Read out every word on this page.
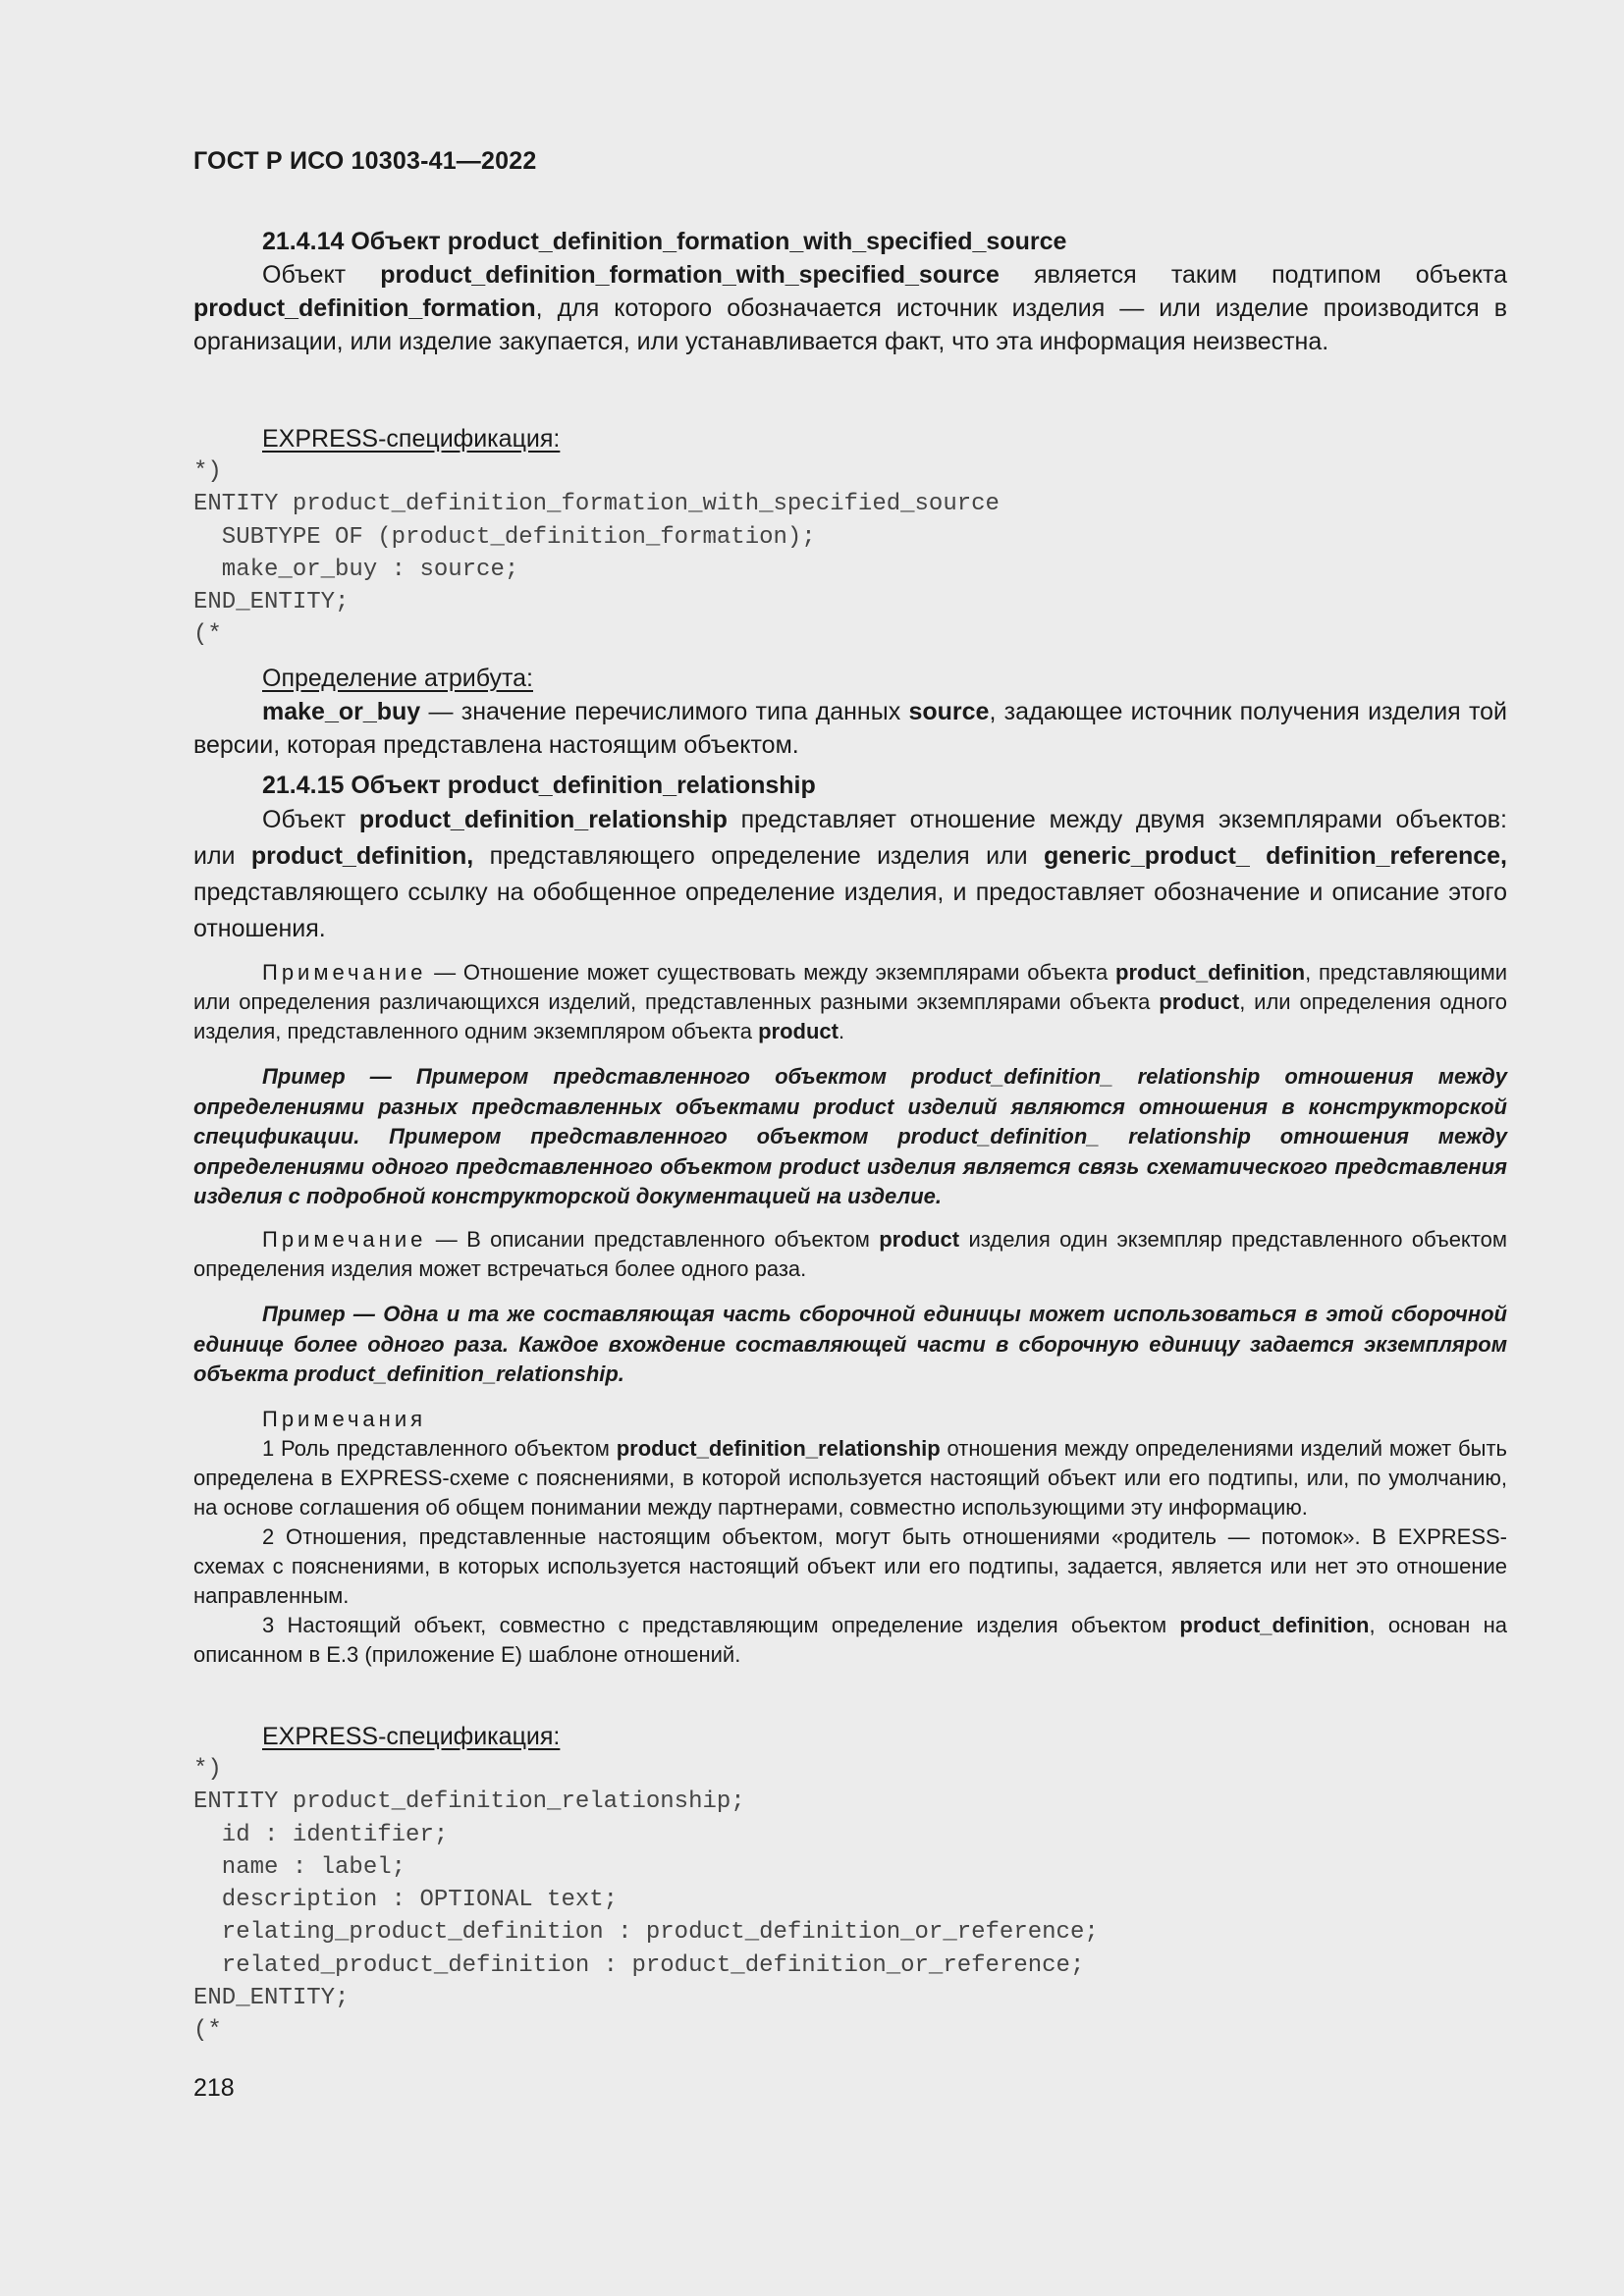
ГОСТ Р ИСО 10303-41—2022

21.4.14 Объект product_definition_formation_with_specified_source

Объект product_definition_formation_with_specified_source является таким подтипом объекта product_definition_formation, для которого обозначается источник изделия — или изделие производится в организации, или изделие закупается, или устанавливается факт, что эта информация неизвестна.

EXPRESS-спецификация:

*)
ENTITY product_definition_formation_with_specified_source
SUBTYPE OF (product_definition_formation);
make_or_buy : source;
END_ENTITY;
(*

Определение атрибута:

make_or_buy — значение перечислимого типа данных source, задающее источник получения изделия той версии, которая представлена настоящим объектом.

21.4.15 Объект product_definition_relationship

Объект product_definition_relationship представляет отношение между двумя экземплярами объектов: или product_definition, представляющего определение изделия или generic_product_ definition_reference, представляющего ссылку на обобщенное определение изделия, и предоставляет обозначение и описание этого отношения.

Примечание — Отношение может существовать между экземплярами объекта product_definition, представляющими или определения различающихся изделий, представленных разными экземплярами объекта product, или определения одного изделия, представленного одним экземпляром объекта product.

Пример — Примером представленного объектом product_definition_ relationship отношения между определениями разных представленных объектами product изделий являются отношения в конструкторской спецификации. Примером представленного объектом product_definition_ relationship отношения между определениями одного представленного объектом product изделия является связь схематического представления изделия с подробной конструкторской документацией на изделие.

Примечание — В описании представленного объектом product изделия один экземпляр представленного объектом определения изделия может встречаться более одного раза.

Пример — Одна и та же составляющая часть сборочной единицы может использоваться в этой сборочной единице более одного раза. Каждое вхождение составляющей части в сборочную единицу задается экземпляром объекта product_definition_relationship.

Примечания

1 Роль представленного объектом product_definition_relationship отношения между определениями изделий может быть определена в EXPRESS-схеме с пояснениями, в которой используется настоящий объект или его подтипы, или, по умолчанию, на основе соглашения об общем понимании между партнерами, совместно использующими эту информацию.

2 Отношения, представленные настоящим объектом, могут быть отношениями «родитель — потомок». В EXPRESS-схемах с пояснениями, в которых используется настоящий объект или его подтипы, задается, является или нет это отношение направленным.

3 Настоящий объект, совместно с представляющим определение изделия объектом product_definition, основан на описанном в Е.3 (приложение Е) шаблоне отношений.

EXPRESS-спецификация:

*)
ENTITY product_definition_relationship;
id : identifier;
name : label;
description : OPTIONAL text;
relating_product_definition : product_definition_or_reference;
related_product_definition : product_definition_or_reference;
END_ENTITY;
(*
218
